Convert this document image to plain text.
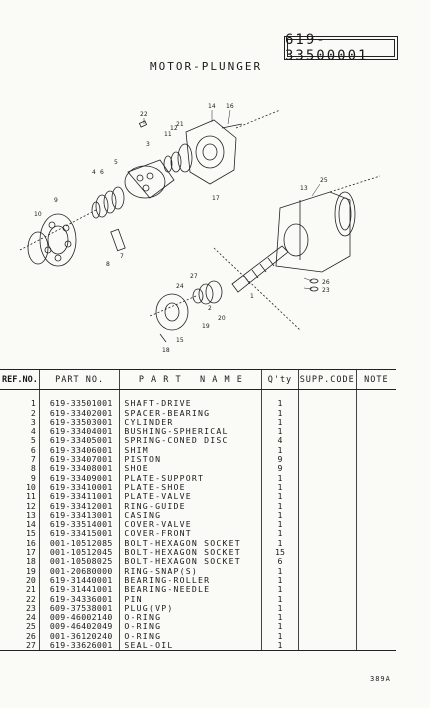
619-33500001
MOTOR-PLUNGER
22
14 16
11
12
21
3
5
6
4
7
9
10
8
13
25
26
23
27
24
2
20
19
1
17
15
18
REF.NO.	PART NO.	P A R T   N A M E	Q'ty	SUPP.CODE	NOTE

1	619-33501001	SHAFT-DRIVE	1		
2	619-33402001	SPACER-BEARING	1		
3	619-33503001	CYLINDER	1		
4	619-33404001	BUSHING-SPHERICAL	1		
5	619-33405001	SPRING-CONED DISC	4		
6	619-33406001	SHIM	1		
7	619-33407001	PISTON	9		
8	619-33408001	SHOE	9		
9	619-33409001	PLATE-SUPPORT	1		
10	619-33410001	PLATE-SHOE	1		
11	619-33411001	PLATE-VALVE	1		
12	619-33412001	RING-GUIDE	1		
13	619-33413001	CASING	1		
14	619-33514001	COVER-VALVE	1		
15	619-33415001	COVER-FRONT	1		
16	001-10512085	BOLT-HEXAGON SOCKET	1		
17	001-10512045	BOLT-HEXAGON SOCKET	15		
18	001-10508025	BOLT-HEXAGON SOCKET	6		
19	001-20680000	RING-SNAP(S)	1		
20	619-31440001	BEARING-ROLLER	1		
21	619-31441001	BEARING-NEEDLE	1		
22	619-34336001	PIN	1		
23	609-37538001	PLUG(VP)	1		
24	009-46002140	O-RING	1		
25	009-46402049	O-RING	1		
26	001-36120240	O-RING	1		
27	619-33626001	SEAL-OIL	1		
389A
